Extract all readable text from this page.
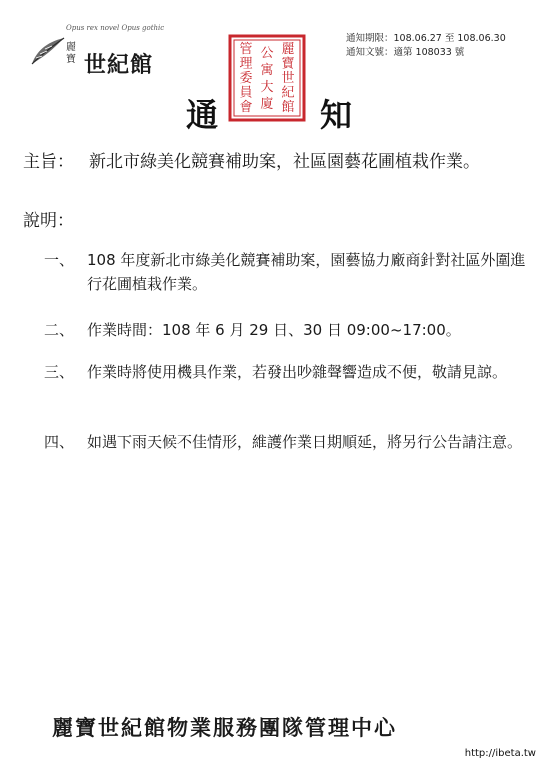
Opus rex novel Opus gothic
麗寶 世紀館
麗
寶
世
紀
館
公
寓
大
廈
管
理
委
員
會
通知期限：108.06.27 至 108.06.30
通知文號：適第 108033 號
通	知
主旨： 新北市綠美化競賽補助案，社區園藝花圃植栽作業。
說明：
一、 108 年度新北市綠美化競賽補助案，園藝協力廠商針對社區外圍進行花圃植栽作業。
二、 作業時間：108 年 6 月 29 日、30 日 09:00~17:00。
三、 作業時將使用機具作業，若發出吵雜聲響造成不便，敬請見諒。
四、 如遇下雨天候不佳情形，維護作業日期順延，將另行公告請注意。
麗寶世紀館物業服務團隊管理中心
http://ibeta.tw
